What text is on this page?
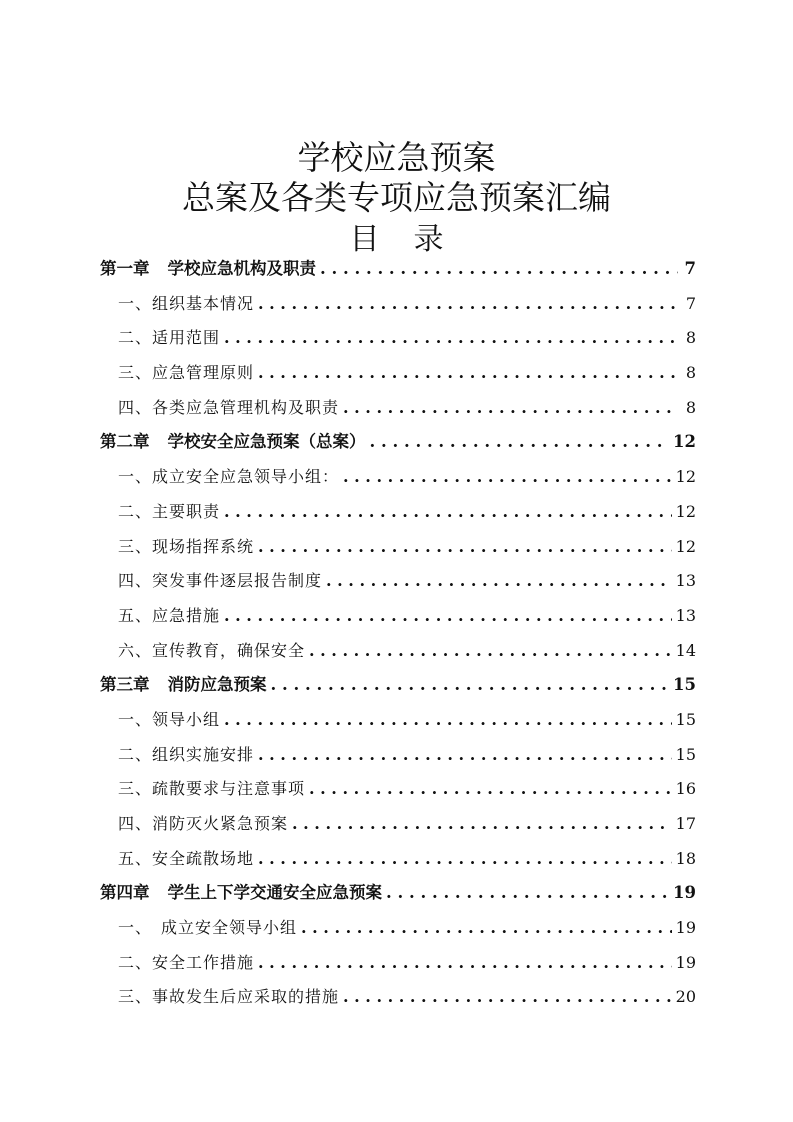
学校应急预案
总案及各类专项应急预案汇编
目录
第一章 学校应急机构及职责 . . .	7
一、组织基本情况 . . .	7
二、适用范围 . . .	8
三、应急管理原则 . . .	8
四、各类应急管理机构及职责 . . .	8
第二章 学校安全应急预案（总案） . . .	12
一、成立安全应急领导小组： . . .	12
二、主要职责 . . .	12
三、现场指挥系统 . . .	12
四、突发事件逐层报告制度 . . .	13
五、应急措施 . . .	13
六、宣传教育，确保安全 . . .	14
第三章 消防应急预案 . . .	15
一、领导小组 . . .	15
二、组织实施安排 . . .	15
三、疏散要求与注意事项 . . .	16
四、消防灭火紧急预案 . . .	17
五、安全疏散场地 . . .	18
第四章 学生上下学交通安全应急预案 . . .	19
一、　成立安全领导小组 . . .	19
二、安全工作措施 . . .	19
三、事故发生后应采取的措施 . . .	20
